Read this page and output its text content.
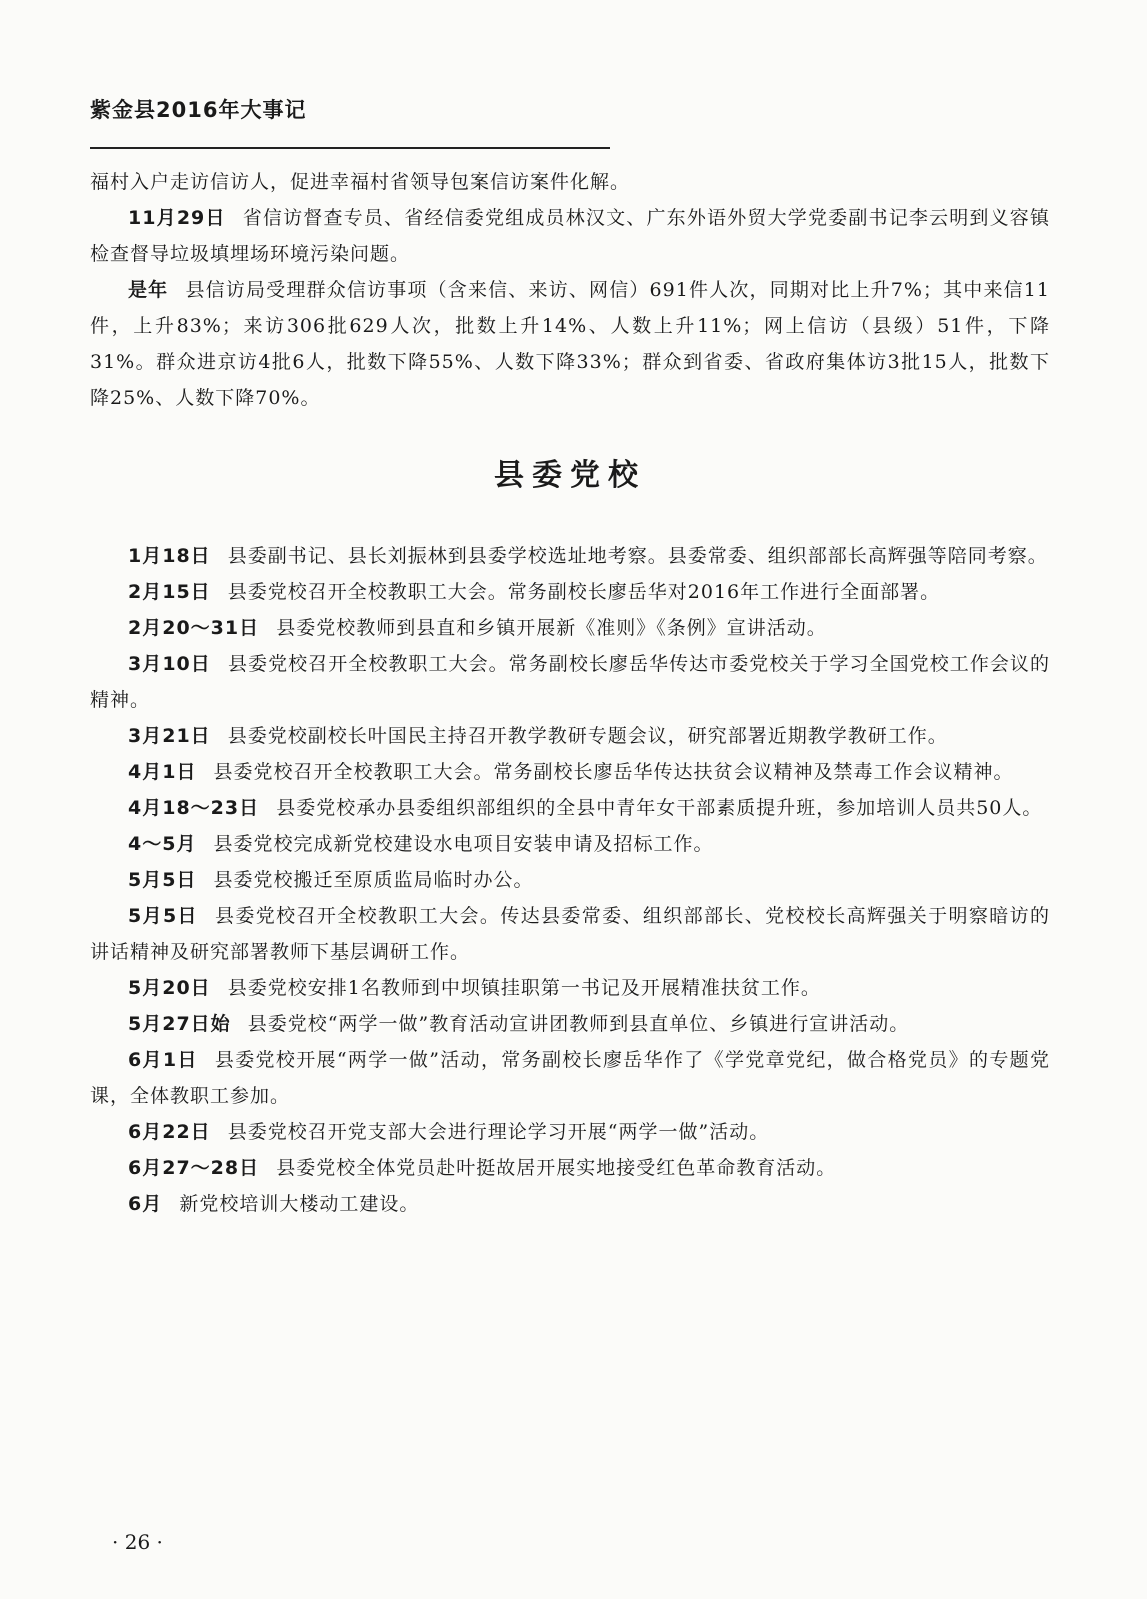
紫金县2016年大事记

福村入户走访信访人，促进幸福村省领导包案信访案件化解。

11月29日 省信访督查专员、省经信委党组成员林汉文、广东外语外贸大学党委副书记李云明到义容镇检查督导垃圾填埋场环境污染问题。

是年 县信访局受理群众信访事项（含来信、来访、网信）691件人次，同期对比上升7%；其中来信11件，上升83%；来访306批629人次，批数上升14%、人数上升11%；网上信访（县级）51件，下降31%。群众进京访4批6人，批数下降55%、人数下降33%；群众到省委、省政府集体访3批15人，批数下降25%、人数下降70%。

县委党校

1月18日 县委副书记、县长刘振林到县委学校选址地考察。县委常委、组织部部长高辉强等陪同考察。

2月15日 县委党校召开全校教职工大会。常务副校长廖岳华对2016年工作进行全面部署。

2月20～31日 县委党校教师到县直和乡镇开展新《准则》《条例》宣讲活动。

3月10日 县委党校召开全校教职工大会。常务副校长廖岳华传达市委党校关于学习全国党校工作会议的精神。

3月21日 县委党校副校长叶国民主持召开教学教研专题会议，研究部署近期教学教研工作。

4月1日 县委党校召开全校教职工大会。常务副校长廖岳华传达扶贫会议精神及禁毒工作会议精神。

4月18～23日 县委党校承办县委组织部组织的全县中青年女干部素质提升班，参加培训人员共50人。

4～5月 县委党校完成新党校建设水电项目安装申请及招标工作。

5月5日 县委党校搬迁至原质监局临时办公。

5月5日 县委党校召开全校教职工大会。传达县委常委、组织部部长、党校校长高辉强关于明察暗访的讲话精神及研究部署教师下基层调研工作。

5月20日 县委党校安排1名教师到中坝镇挂职第一书记及开展精准扶贫工作。

5月27日始 县委党校“两学一做”教育活动宣讲团教师到县直单位、乡镇进行宣讲活动。

6月1日 县委党校开展“两学一做”活动，常务副校长廖岳华作了《学党章党纪，做合格党员》的专题党课，全体教职工参加。

6月22日 县委党校召开党支部大会进行理论学习开展“两学一做”活动。

6月27～28日 县委党校全体党员赴叶挺故居开展实地接受红色革命教育活动。

6月 新党校培训大楼动工建设。

· 26 ·
